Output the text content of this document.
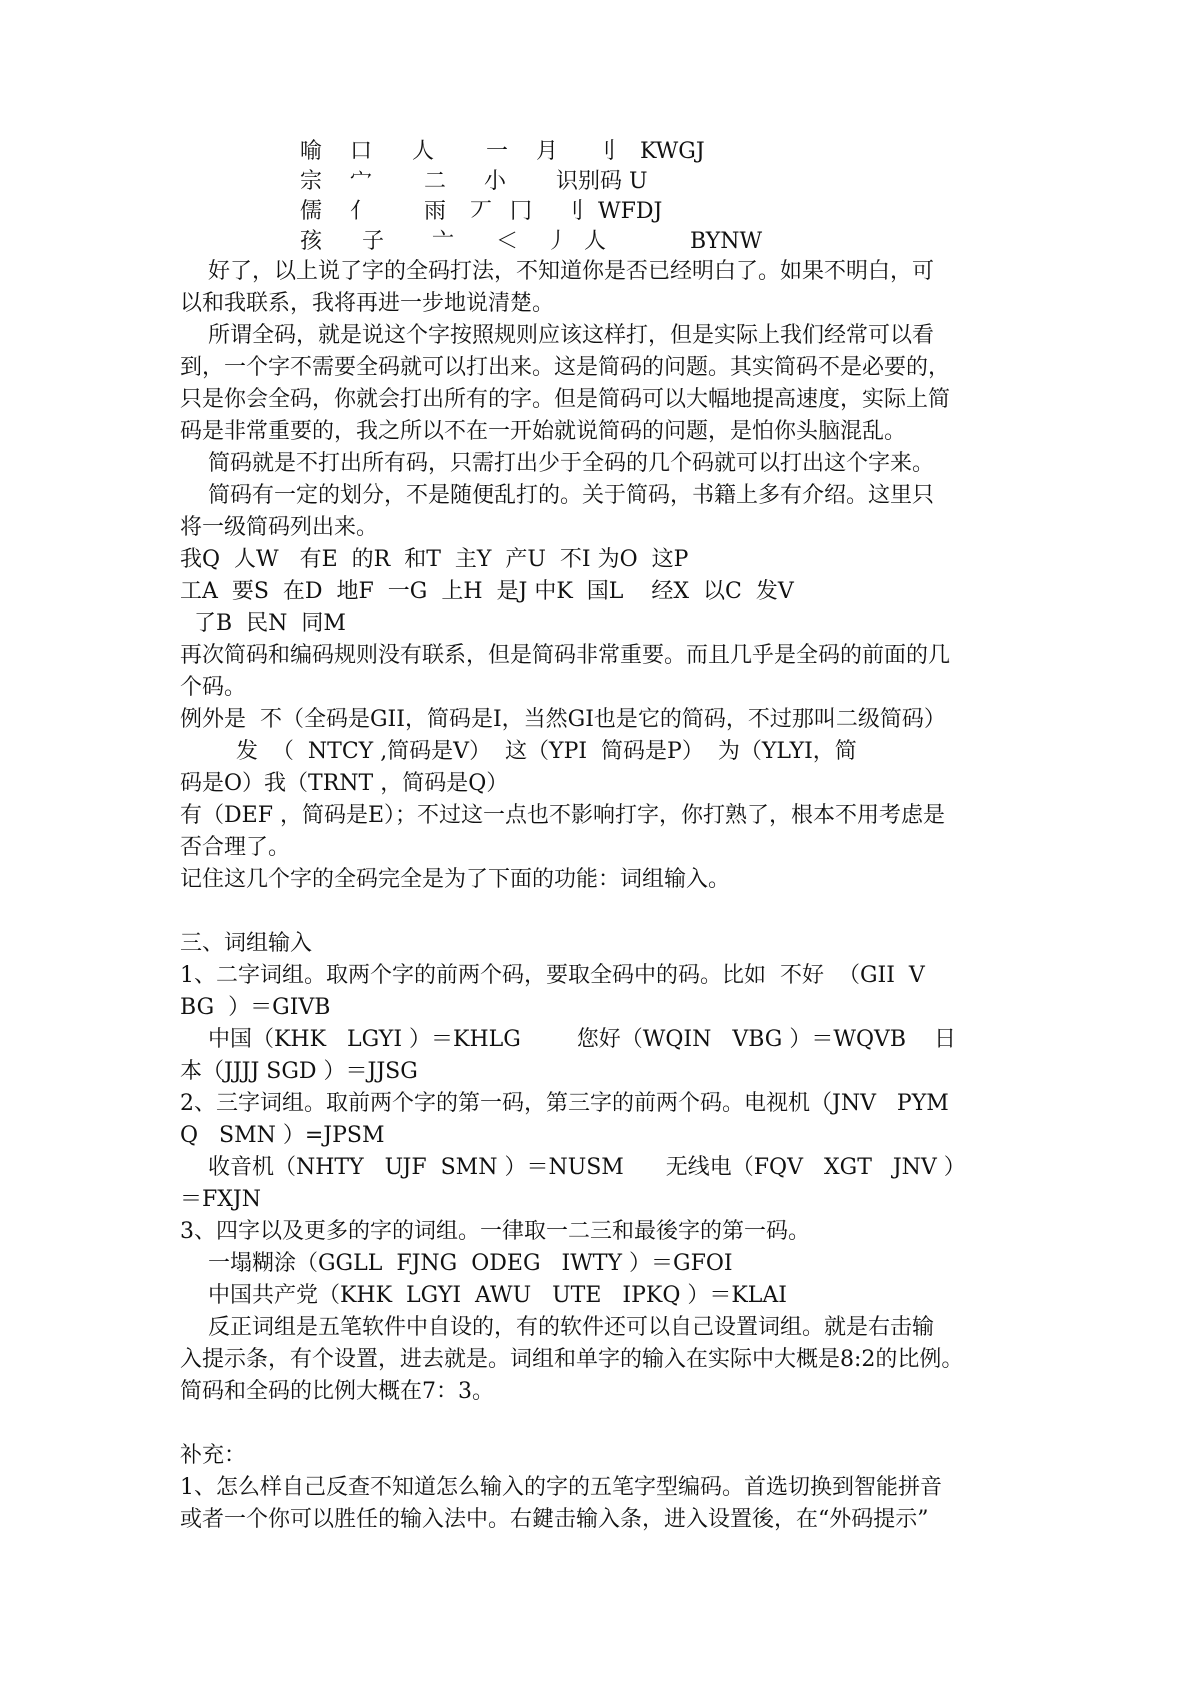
喻 口 人 一 月 刂 KWGJ
宗 宀 二 小 识别码 U
儒 亻 雨 丆 冂 刂 WFDJ
孩 子 亠 ＜ 丿 人	BYNW

好了，以上说了字的全码打法，不知道你是否已经明白了。如果不明白，可

以和我联系，我将再进一步地说清楚。

所谓全码，就是说这个字按照规则应该这样打，但是实际上我们经常可以看

到，一个字不需要全码就可以打出来。这是简码的问题。其实简码不是必要的，

只是你会全码，你就会打出所有的字。但是简码可以大幅地提高速度，实际上简

码是非常重要的，我之所以不在一开始就说简码的问题，是怕你头脑混乱。

简码就是不打出所有码，只需打出少于全码的几个码就可以打出这个字来。

简码有一定的划分，不是随便乱打的。关于简码，书籍上多有介绍。这里只

将一级简码列出来。

我Q  人W   有E  的R  和T  主Y  产U  不I 为O  这P

工A  要S  在D  地F  一G  上H  是J 中K  国L    经X  以C  发V

了B  民N  同M

再次简码和编码规则没有联系，但是简码非常重要。而且几乎是全码的前面的几

个码。

例外是  不（全码是GII，简码是I，当然GI也是它的简码，不过那叫二级简码）

发  （  NTCY ,简码是V）  这（YPI  简码是P）  为（YLYI，简

码是O）我（TRNT ，简码是Q）

有（DEF ，简码是E）；不过这一点也不影响打字，你打熟了，根本不用考虑是

否合理了。

记住这几个字的全码完全是为了下面的功能：词组输入。

三、词组输入

1、二字词组。取两个字的前两个码，要取全码中的码。比如  不好  （GII  V

BG  ）＝GIVB

中国（KHK   LGYI ）＝KHLG        您好（WQIN   VBG ）＝WQVB    日

本（JJJJ SGD ）＝JJSG

2、三字词组。取前两个字的第一码，第三字的前两个码。电视机（JNV   PYM

Q   SMN ）=JPSM

收音机（NHTY   UJF  SMN ）＝NUSM      无线电（FQV   XGT   JNV ）

＝FXJN

3、四字以及更多的字的词组。一律取一二三和最後字的第一码。

一塌糊涂（GGLL  FJNG  ODEG   IWTY ）＝GFOI

中国共产党（KHK  LGYI  AWU   UTE   IPKQ ）＝KLAI

反正词组是五笔软件中自设的，有的软件还可以自己设置词组。就是右击输

入提示条，有个设置，进去就是。词组和单字的输入在实际中大概是8:2的比例。

简码和全码的比例大概在7：3。

补充：

1、怎么样自己反查不知道怎么输入的字的五笔字型编码。首选切换到智能拼音

或者一个你可以胜任的输入法中。右鍵击输入条，进入设置後，在“外码提示”
